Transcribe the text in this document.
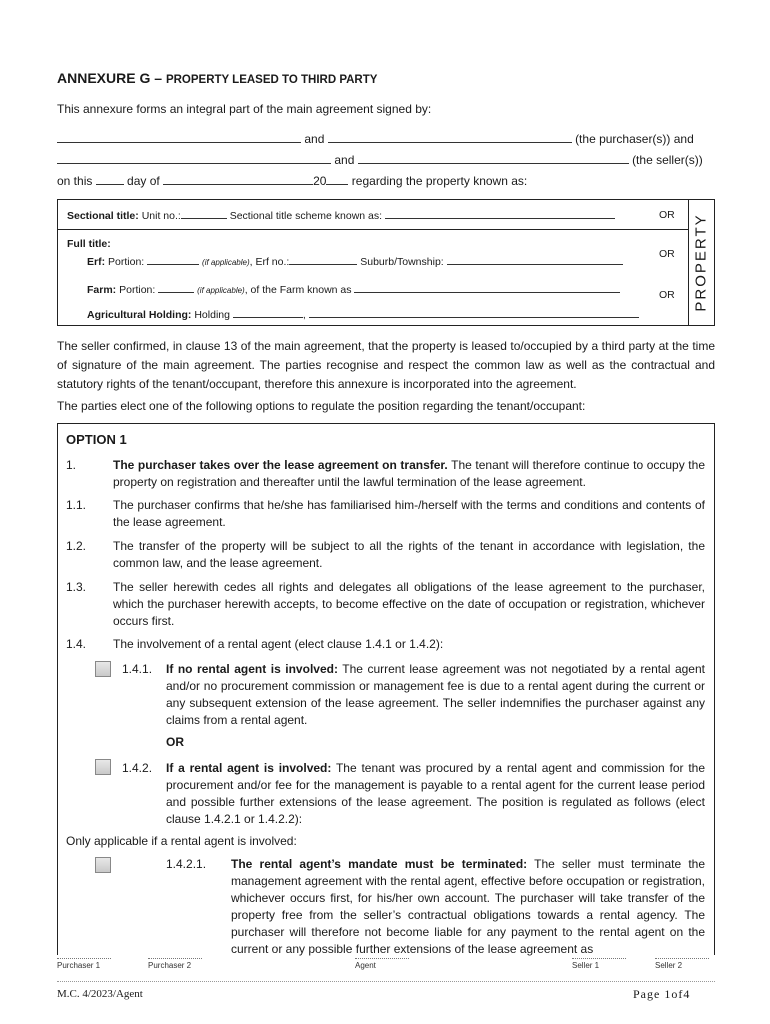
ANNEXURE G – PROPERTY LEASED TO THIRD PARTY
This annexure forms an integral part of the main agreement signed by:
and	(the purchaser(s)) and
and	(the seller(s))
on this	day of	20 regarding the property known as:
PROPERTY
Sectional title: Unit no.:	Sectional title scheme known as:	OR
Full title:
Erf: Portion:	(if applicable), Erf no.:	Suburb/Township:
OR
Farm: Portion:	(if applicable), of the Farm known as	OR
Agricultural Holding: Holding	,
The seller confirmed, in clause 13 of the main agreement, that the property is leased to/occupied by a third party at the time of signature of the main agreement. The parties recognise and respect the common law as well as the contractual and statutory rights of the tenant/occupant, therefore this annexure is incorporated into the agreement.
The parties elect one of the following options to regulate the position regarding the tenant/occupant:
OPTION 1
1.	The purchaser takes over the lease agreement on transfer. The tenant will therefore continue to occupy the property on registration and thereafter until the lawful termination of the lease agreement.
1.1. The purchaser confirms that he/she has familiarised him-/herself with the terms and conditions and contents of the lease agreement.
1.2. The transfer of the property will be subject to all the rights of the tenant in accordance with legislation, the common law, and the lease agreement.
1.3. The seller herewith cedes all rights and delegates all obligations of the lease agreement to the purchaser, which the purchaser herewith accepts, to become effective on the date of occupation or registration, whichever occurs first.
1.4. The involvement of a rental agent (elect clause 1.4.1 or 1.4.2):
1.4.1. If no rental agent is involved: The current lease agreement was not negotiated by a rental agent and/or no procurement commission or management fee is due to a rental agent during the current or any subsequent extension of the lease agreement. The seller indemnifies the purchaser against any claims from a rental agent.
OR
1.4.2. If a rental agent is involved: The tenant was procured by a rental agent and commission for the procurement and/or fee for the management is payable to a rental agent for the current lease period and possible further extensions of the lease agreement. The position is regulated as follows (elect clause 1.4.2.1 or 1.4.2.2):
Only applicable if a rental agent is involved:
1.4.2.1. The rental agent’s mandate must be terminated: The seller must terminate the management agreement with the rental agent, effective before occupation or registration, whichever occurs first, for his/her own account. The purchaser will take transfer of the property free from the seller’s contractual obligations towards a rental agency. The purchaser will therefore not become liable for any payment to the rental agent on the current or any possible further extensions of the lease agreement as
Purchaser 1	Purchaser 2	Agent	Seller 1	Seller 2
M.C. 4/2023/Agent	Page 1of4
